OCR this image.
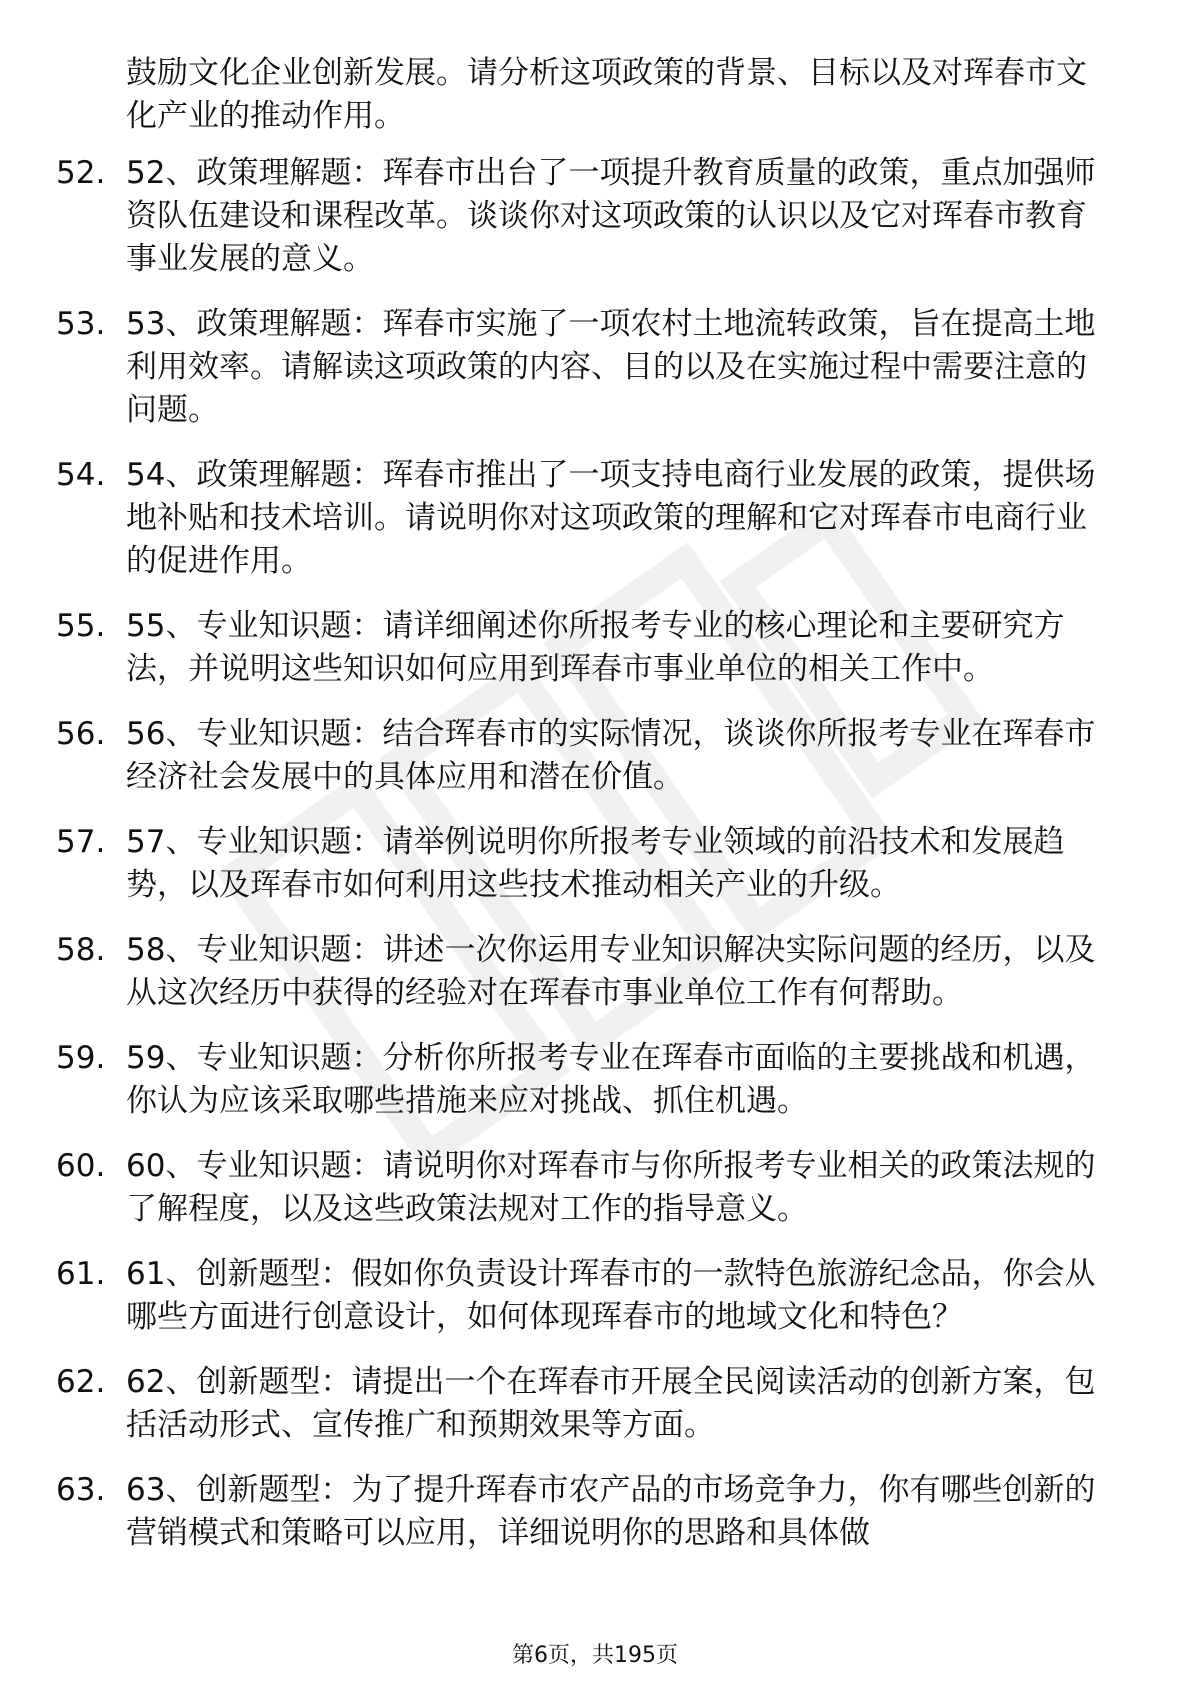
鼓励文化企业创新发展。请分析这项政策的背景、目标以及对珲春市文化产业的推动作用。

52. 52、政策理解题：珲春市出台了一项提升教育质量的政策，重点加强师资队伍建设和课程改革。谈谈你对这项政策的认识以及它对珲春市教育事业发展的意义。
53. 53、政策理解题：珲春市实施了一项农村土地流转政策，旨在提高土地利用效率。请解读这项政策的内容、目的以及在实施过程中需要注意的问题。
54. 54、政策理解题：珲春市推出了一项支持电商行业发展的政策，提供场地补贴和技术培训。请说明你对这项政策的理解和它对珲春市电商行业的促进作用。
55. 55、专业知识题：请详细阐述你所报考专业的核心理论和主要研究方法，并说明这些知识如何应用到珲春市事业单位的相关工作中。
56. 56、专业知识题：结合珲春市的实际情况，谈谈你所报考专业在珲春市经济社会发展中的具体应用和潜在价值。
57. 57、专业知识题：请举例说明你所报考专业领域的前沿技术和发展趋势，以及珲春市如何利用这些技术推动相关产业的升级。
58. 58、专业知识题：讲述一次你运用专业知识解决实际问题的经历，以及从这次经历中获得的经验对在珲春市事业单位工作有何帮助。
59. 59、专业知识题：分析你所报考专业在珲春市面临的主要挑战和机遇，你认为应该采取哪些措施来应对挑战、抓住机遇。
60. 60、专业知识题：请说明你对珲春市与你所报考专业相关的政策法规的了解程度，以及这些政策法规对工作的指导意义。
61. 61、创新题型：假如你负责设计珲春市的一款特色旅游纪念品，你会从哪些方面进行创意设计，如何体现珲春市的地域文化和特色？
62. 62、创新题型：请提出一个在珲春市开展全民阅读活动的创新方案，包括活动形式、宣传推广和预期效果等方面。
63. 63、创新题型：为了提升珲春市农产品的市场竞争力，你有哪些创新的营销模式和策略可以应用，详细说明你的思路和具体做
第6页，共195页
